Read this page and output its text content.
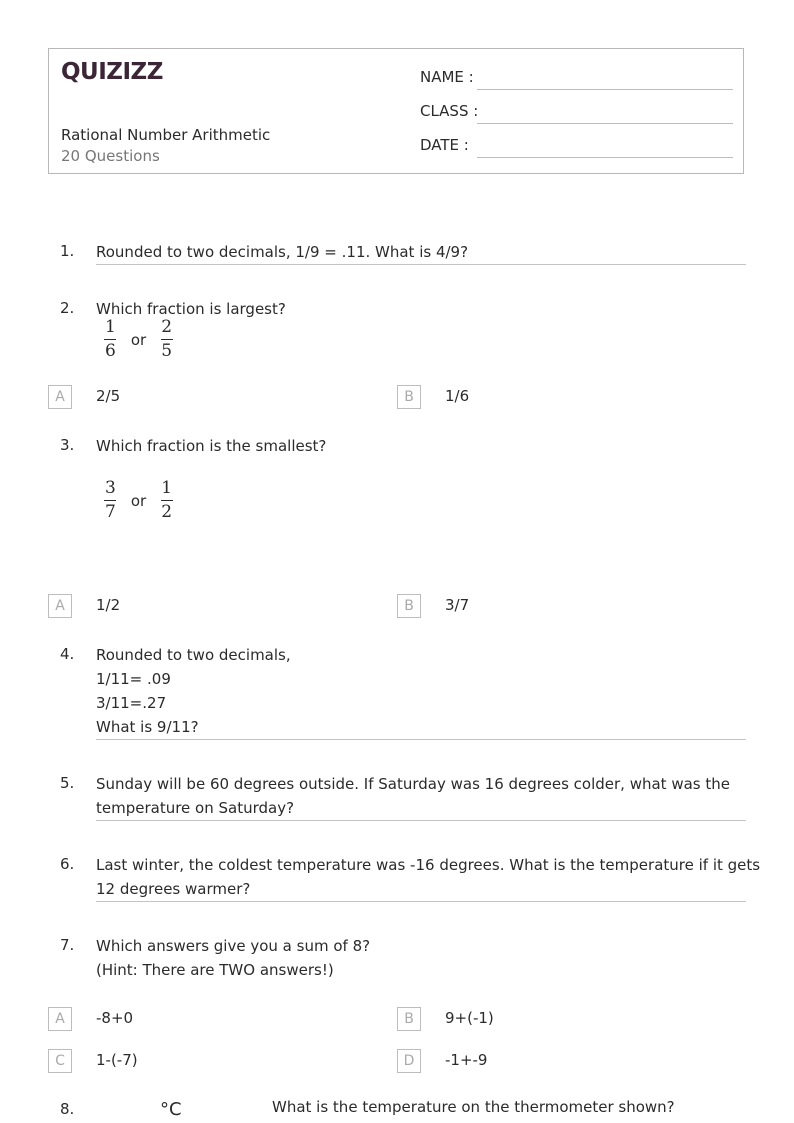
QUIZIZZ
Rational Number Arithmetic
20 Questions
NAME :
CLASS :
DATE :
1. Rounded to two decimals, 1/9 = .11. What is 4/9?
2. Which fraction is largest?
$\frac{1}{6}$ or $\frac{2}{5}$
A	2/5	B	1/6
3. Which fraction is the smallest?
$\frac{3}{7}$ or $\frac{1}{2}$
A	1/2	B	3/7
4. Rounded to two decimals,
1/11= .09
3/11=.27
What is 9/11?
5. Sunday will be 60 degrees outside. If Saturday was 16 degrees colder, what was the
temperature on Saturday?
6. Last winter, the coldest temperature was -16 degrees. What is the temperature if it gets
12 degrees warmer?
7. Which answers give you a sum of 8?
(Hint: There are TWO answers!)
A	-8+0	B	9+(-1)
C	1-(-7)	D	-1+-9
8.	°C	What is the temperature on the thermometer shown?
